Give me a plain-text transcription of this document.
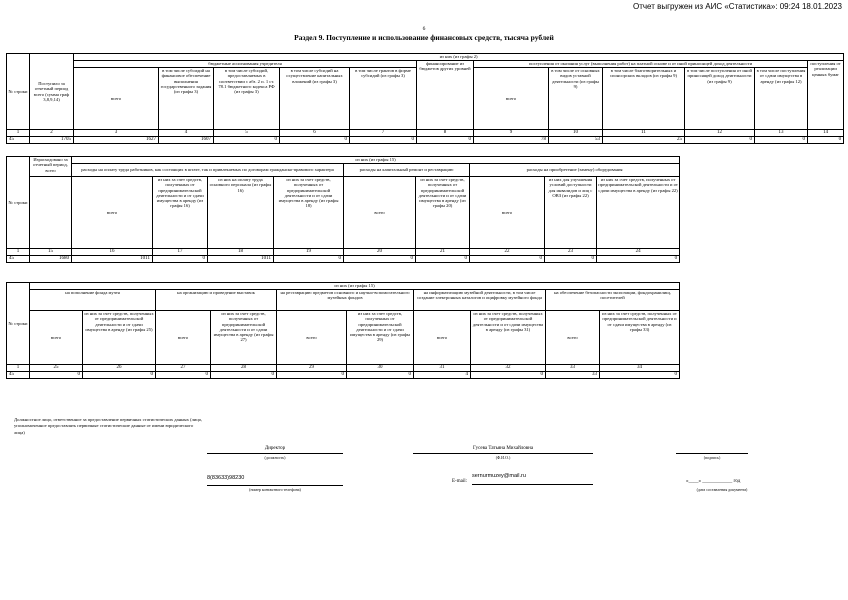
Отчет выгружен из АИС «Статистика»: 09:24 18.01.2023
6
Раздел 9. Поступление и использование финансовых средств, тысяча рублей
№ строки	Поступило за отчетный период всего (сумма граф 3,8,9,14)	из них (из графы 2)											
		бюджетные ассигнования учредителя					финансирование из бюджетов других уровней	поступления от оказания услуг (выполнения работ) на платной основе и от иной приносящей доход деятельности					поступления от реализации ценных бумаг
		всего	в том числе субсидий на финансовое обеспечение выполнения государственного задания (из графы 3)	в том числе субсидий, предоставляемых в соответствии с абз. 2 п. 1 ст. 78.1 бюджетного кодекса РФ (из графы 3)	в том числе субсидий на осуществление капитальных вложений (из графы 3)	в том числе грантов в форме субсидий (из графы 3)		всего	в том числе от основных видов уставной деятельности (из графы 9)	в том числе благотворительных и спонсорских вкладов (из графы 9)	в том числе поступления от иной приносящей доход деятельности (из графы 9)	в том числе поступления от сдачи имущества в аренду (из графы 12)	
1	2	3	4	5	6	7	8	9	10	11	12	13	14
45	1705	1627	1607	0	0	0	0	78	53	25	0	0	0
№ строки	Израсходовано за отчетный период, всего	из них (из графы 15)								
		расходы на оплату труда работников, как состоящих в штате, так и привлекаемых по договорам гражданско-правового характера				расходы на капитальный ремонт и реставрацию		расходы на приобретение (замену) оборудования		
		всего	из них за счет средств, полученных от предпринимательской деятельности и от сдачи имущества в аренду (из графы 16)	из них на оплату труда основного персонала (из графы 16)	из них за счет средств, полученных от предпринимательской деятельности и от сдачи имущества в аренду (из графы 18)	всего	из них за счет средств, полученных от предпринимательской деятельности и от сдачи имущества в аренду (из графы 20)	всего	из них для улучшения условий доступности для инвалидов и лиц с ОВЗ (из графы 22)	из них за счет средств, полученных от предпринимательской деятельности и от сдачи имущества в аренду (из графы 22)
1	15	16	17	18	19	20	21	22	23	24
45	1680	1011	0	1011	0	0	0	0	0	0
№ строки	из них (из графы 15)									
	на пополнение фонда музея		на организацию и проведение выставок		на реставрацию предметов основного и научно-вспомогательного музейных фондов		на информатизацию музейной деятельности, в том числе создание электронных каталогов и оцифровку музейного фонда		на обеспечение безопасности экспозиции, фондохранилищ, посетителей	
	всего	из них за счет средств, полученных от предпринимательской деятельности и от сдачи имущества в аренду (из графы 25)	всего	из них за счет средств, полученных от предпринимательской деятельности и от сдачи имущества в аренду (из графы 27)	всего	из них за счет средств, полученных от предпринимательской деятельности и от сдачи имущества в аренду (из графы 29)	всего	из них за счет средств, полученных от предпринимательской деятельности и от сдачи имущества в аренду (из графы 31)	всего	из них за счет средств, полученных от предпринимательской деятельности и от сдачи имущества в аренду (из графы 33)
1	25	26	27	28	29	30	31	32	33	34
45	0	0	0	0	0	0	4	0	33	0
Должностное лицо, ответственное за предоставление первичных статистических данных (лицо, уполномоченное предоставлять первичные статистические данные от имени юридического лица)
Директор
(должность)
Гусева Татьяна Михайловна
(Ф.И.О.)	(подпись)
8(83633)98230
(номер контактного телефона)
E-mail:
sernurmuzey@mail.ru
«____» ____________ год
(дата составления документа)
